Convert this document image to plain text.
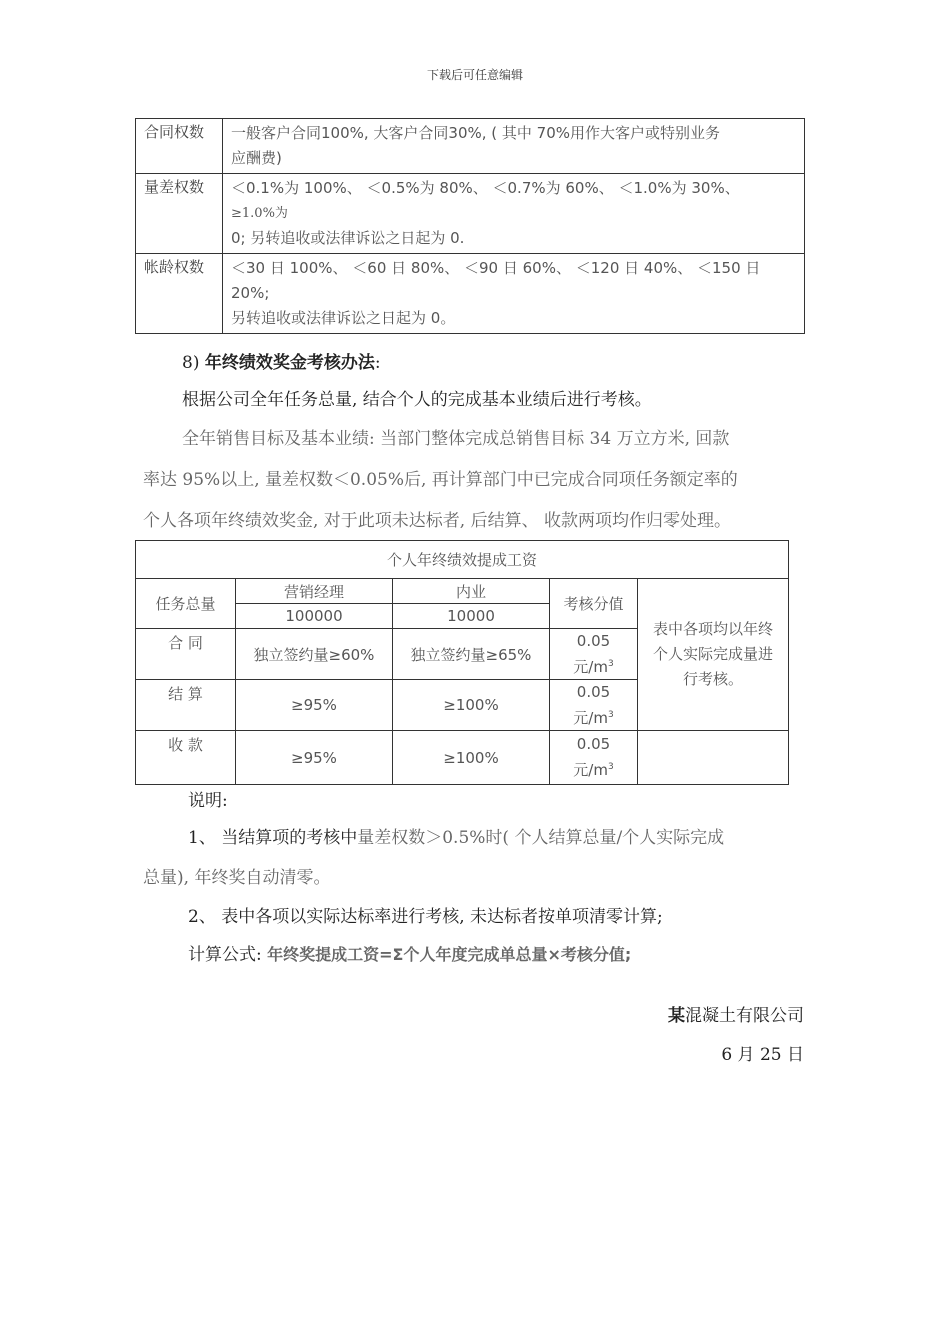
下载后可任意编辑
合同权数	一般客户合同100%, 大客户合同30%, ( 其中 70%用作大客户或特别业务
应酬费)

量差权数	＜0.1%为 100%、 ＜0.5%为 80%、 ＜0.7%为 60%、 ＜1.0%为 30%、
≥1.0%为
0; 另转追收或法律诉讼之日起为 0.

帐龄权数	＜30 日 100%、 ＜60 日 80%、 ＜90 日 60%、 ＜120 日 40%、 ＜150 日
20%;
另转追收或法律诉讼之日起为 0。
8) 年终绩效奖金考核办法:
根据公司全年任务总量, 结合个人的完成基本业绩后进行考核。
全年销售目标及基本业绩: 当部门整体完成总销售目标 34 万立方米, 回款
率达 95%以上, 量差权数＜0.05%后, 再计算部门中已完成合同项任务额定率的
个人各项年终绩效奖金, 对于此项未达标者, 后结算、 收款两项均作归零处理。
个人年终绩效提成工资				
任务总量	营销经理	内业	考核分值	表中各项均以年终个人实际完成量进行考核。
	100000	10000		
合 同	独立签约量≥60%	独立签约量≥65%	0.05
元$/m^3$

结 算	≥95%	≥100%	0.05
元$/m^3$
收 款	≥95%	≥100%	
0.05
元$/m^3$

说明:
1、 当结算项的考核中量差权数＞0.5%时( 个人结算总量/个人实际完成
总量), 年终奖自动清零。
2、 表中各项以实际达标率进行考核, 未达标者按单项清零计算;
计算公式: 年终奖提成工资=Σ个人年度完成单总量×考核分值;
某混凝土有限公司
6 月 25 日
